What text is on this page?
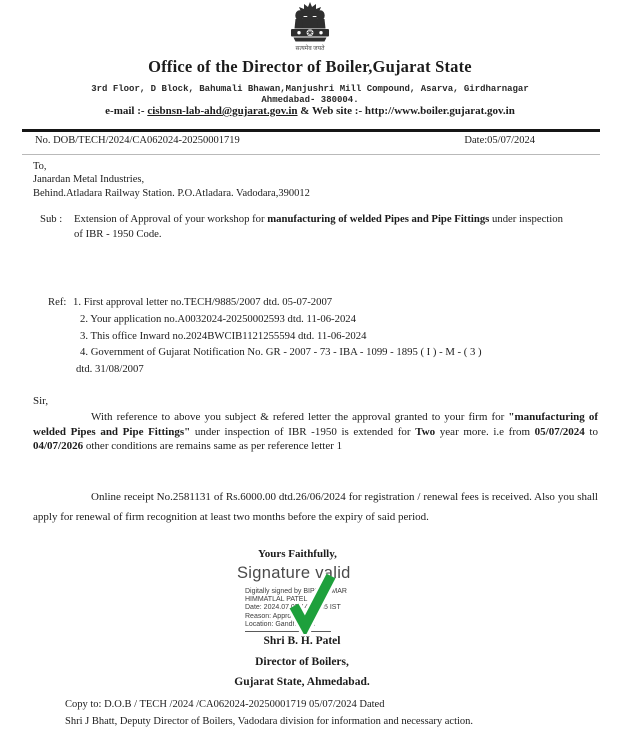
सत्यमेव जयते
Office of the Director of Boiler,Gujarat State
3rd Floor, D Block, Bahumali Bhawan,Manjushri Mill Compound, Asarva, Girdharnagar
Ahmedabad- 380004.
e-mail :- cisbnsn-lab-ahd@gujarat.gov.in & Web site :- http://www.boiler.gujarat.gov.in
No. DOB/TECH/2024/CA062024-20250001719	Date:05/07/2024
To,
Janardan Metal Industries,
Behind.Atladara Railway Station. P.O.Atladara. Vadodara,390012
Sub :	Extension of Approval of your workshop for manufacturing of welded Pipes and Pipe Fittings under inspection
of IBR - 1950 Code.
Ref: 1. First approval letter no.TECH/9885/2007 dtd. 05-07-2007
2. Your application no.A0032024-20250002593 dtd. 11-06-2024
3. This office Inward no.2024BWCIB1121255594 dtd. 11-06-2024
4. Government of Gujarat Notification No. GR - 2007 - 73 - IBA - 1099 - 1895 ( I ) - M - ( 3 )
dtd. 31/08/2007
Sir,
With reference to above you subject & refered letter the approval granted to your firm for "manufacturing of welded Pipes and Pipe Fittings" under inspection of IBR -1950 is extended for Two year more. i.e from 05/07/2024 to 04/07/2026 other conditions are remains same as per reference letter 1
Online receipt No.2581131 of Rs.6000.00 dtd.26/06/2024 for registration / renewal fees is received. Also you shall apply for renewal of firm recognition at least two months before the expiry of said period.
Yours Faithfully,
Signature valid
Digitally signed by BIPINKUMAR
HIMMATLAL PATEL
Date: 2024.07.05 14:54:55 IST
Reason: Approval
Location: Gandhinagar
Shri B. H. Patel
Director of Boilers,
Gujarat State, Ahmedabad.
Copy to: D.O.B / TECH /2024 /CA062024-20250001719 05/07/2024 Dated
Shri J Bhatt, Deputy Director of Boilers, Vadodara division for information and necessary action.
